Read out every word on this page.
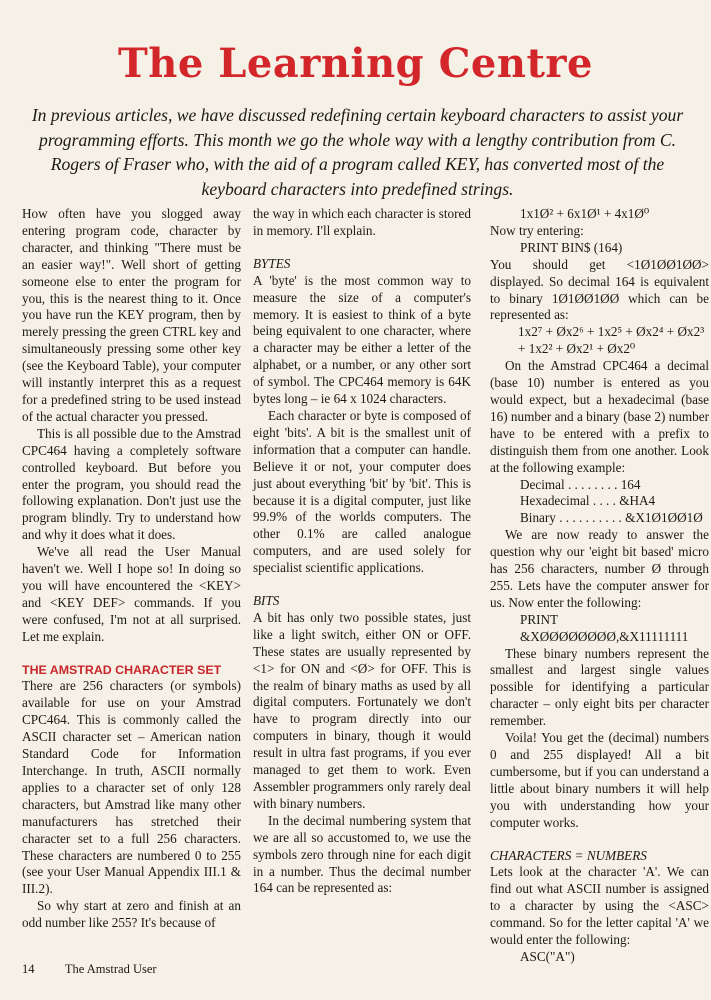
The Learning Centre

In previous articles, we have discussed redefining certain keyboard characters to assist your programming efforts. This month we go the whole way with a lengthy contribution from C. Rogers of Fraser who, with the aid of a program called KEY, has converted most of the keyboard characters into predefined strings.

How often have you slogged away entering program code, character by character, and thinking "There must be an easier way!". Well short of getting someone else to enter the program for you, this is the nearest thing to it. Once you have run the KEY program, then by merely pressing the green CTRL key and simultaneously pressing some other key (see the Keyboard Table), your computer will instantly interpret this as a request for a predefined string to be used instead of the actual character you pressed.

This is all possible due to the Amstrad CPC464 having a completely software controlled keyboard. But before you enter the program, you should read the following explanation. Don't just use the program blindly. Try to understand how and why it does what it does.

We've all read the User Manual haven't we. Well I hope so! In doing so you will have encountered the <KEY> and <KEY DEF> commands. If you were confused, I'm not at all surprised. Let me explain.

THE AMSTRAD CHARACTER SET

There are 256 characters (or symbols) available for use on your Amstrad CPC464. This is commonly called the ASCII character set – American nation Standard Code for Information Interchange. In truth, ASCII normally applies to a character set of only 128 characters, but Amstrad like many other manufacturers has stretched their character set to a full 256 characters. These characters are numbered 0 to 255 (see your User Manual Appendix III.1 & III.2).

So why start at zero and finish at an odd number like 255? It's because of

the way in which each character is stored in memory. I'll explain.

BYTES

A 'byte' is the most common way to measure the size of a computer's memory. It is easiest to think of a byte being equivalent to one character, where a character may be either a letter of the alphabet, or a number, or any other sort of symbol. The CPC464 memory is 64K bytes long – ie 64 x 1024 characters.

Each character or byte is composed of eight 'bits'. A bit is the smallest unit of information that a computer can handle. Believe it or not, your computer does just about everything 'bit' by 'bit'. This is because it is a digital computer, just like 99.9% of the worlds computers. The other 0.1% are called analogue computers, and are used solely for specialist scientific applications.

BITS

A bit has only two possible states, just like a light switch, either ON or OFF. These states are usually represented by <1> for ON and <Ø> for OFF. This is the realm of binary maths as used by all digital computers. Fortunately we don't have to program directly into our computers in binary, though it would result in ultra fast programs, if you ever managed to get them to work. Even Assembler programmers only rarely deal with binary numbers.

In the decimal numbering system that we are all so accustomed to, we use the symbols zero through nine for each digit in a number. Thus the decimal number 164 can be represented as:

1x1Ø² + 6x1Ø¹ + 4x1Ø⁰

Now try entering:

PRINT BIN$ (164)

You should get <1Ø1ØØ1ØØ> displayed. So decimal 164 is equivalent to binary 1Ø1ØØ1ØØ which can be represented as:

1x2⁷ + Øx2⁶ + 1x2⁵ + Øx2⁴ + Øx2³ + 1x2² + Øx2¹ + Øx2⁰

On the Amstrad CPC464 a decimal (base 10) number is entered as you would expect, but a hexadecimal (base 16) number and a binary (base 2) number have to be entered with a prefix to distinguish them from one another. Look at the following example:

Decimal . . . . . . . . 164

Hexadecimal . . . . &HA4

Binary . . . . . . . . . . &X1Ø1ØØ1Ø

We are now ready to answer the question why our 'eight bit based' micro has 256 characters, number Ø through 255. Lets have the computer answer for us. Now enter the following:

PRINT &XØØØØØØØØ,&X11111111

These binary numbers represent the smallest and largest single values possible for identifying a particular character – only eight bits per character remember.

Voila! You get the (decimal) numbers 0 and 255 displayed! All a bit cumbersome, but if you can understand a little about binary numbers it will help you with understanding how your computer works.

CHARACTERS = NUMBERS

Lets look at the character 'A'. We can find out what ASCII number is assigned to a character by using the <ASC> command. So for the letter capital 'A' we would enter the following:

ASC("A")

14 The Amstrad User
